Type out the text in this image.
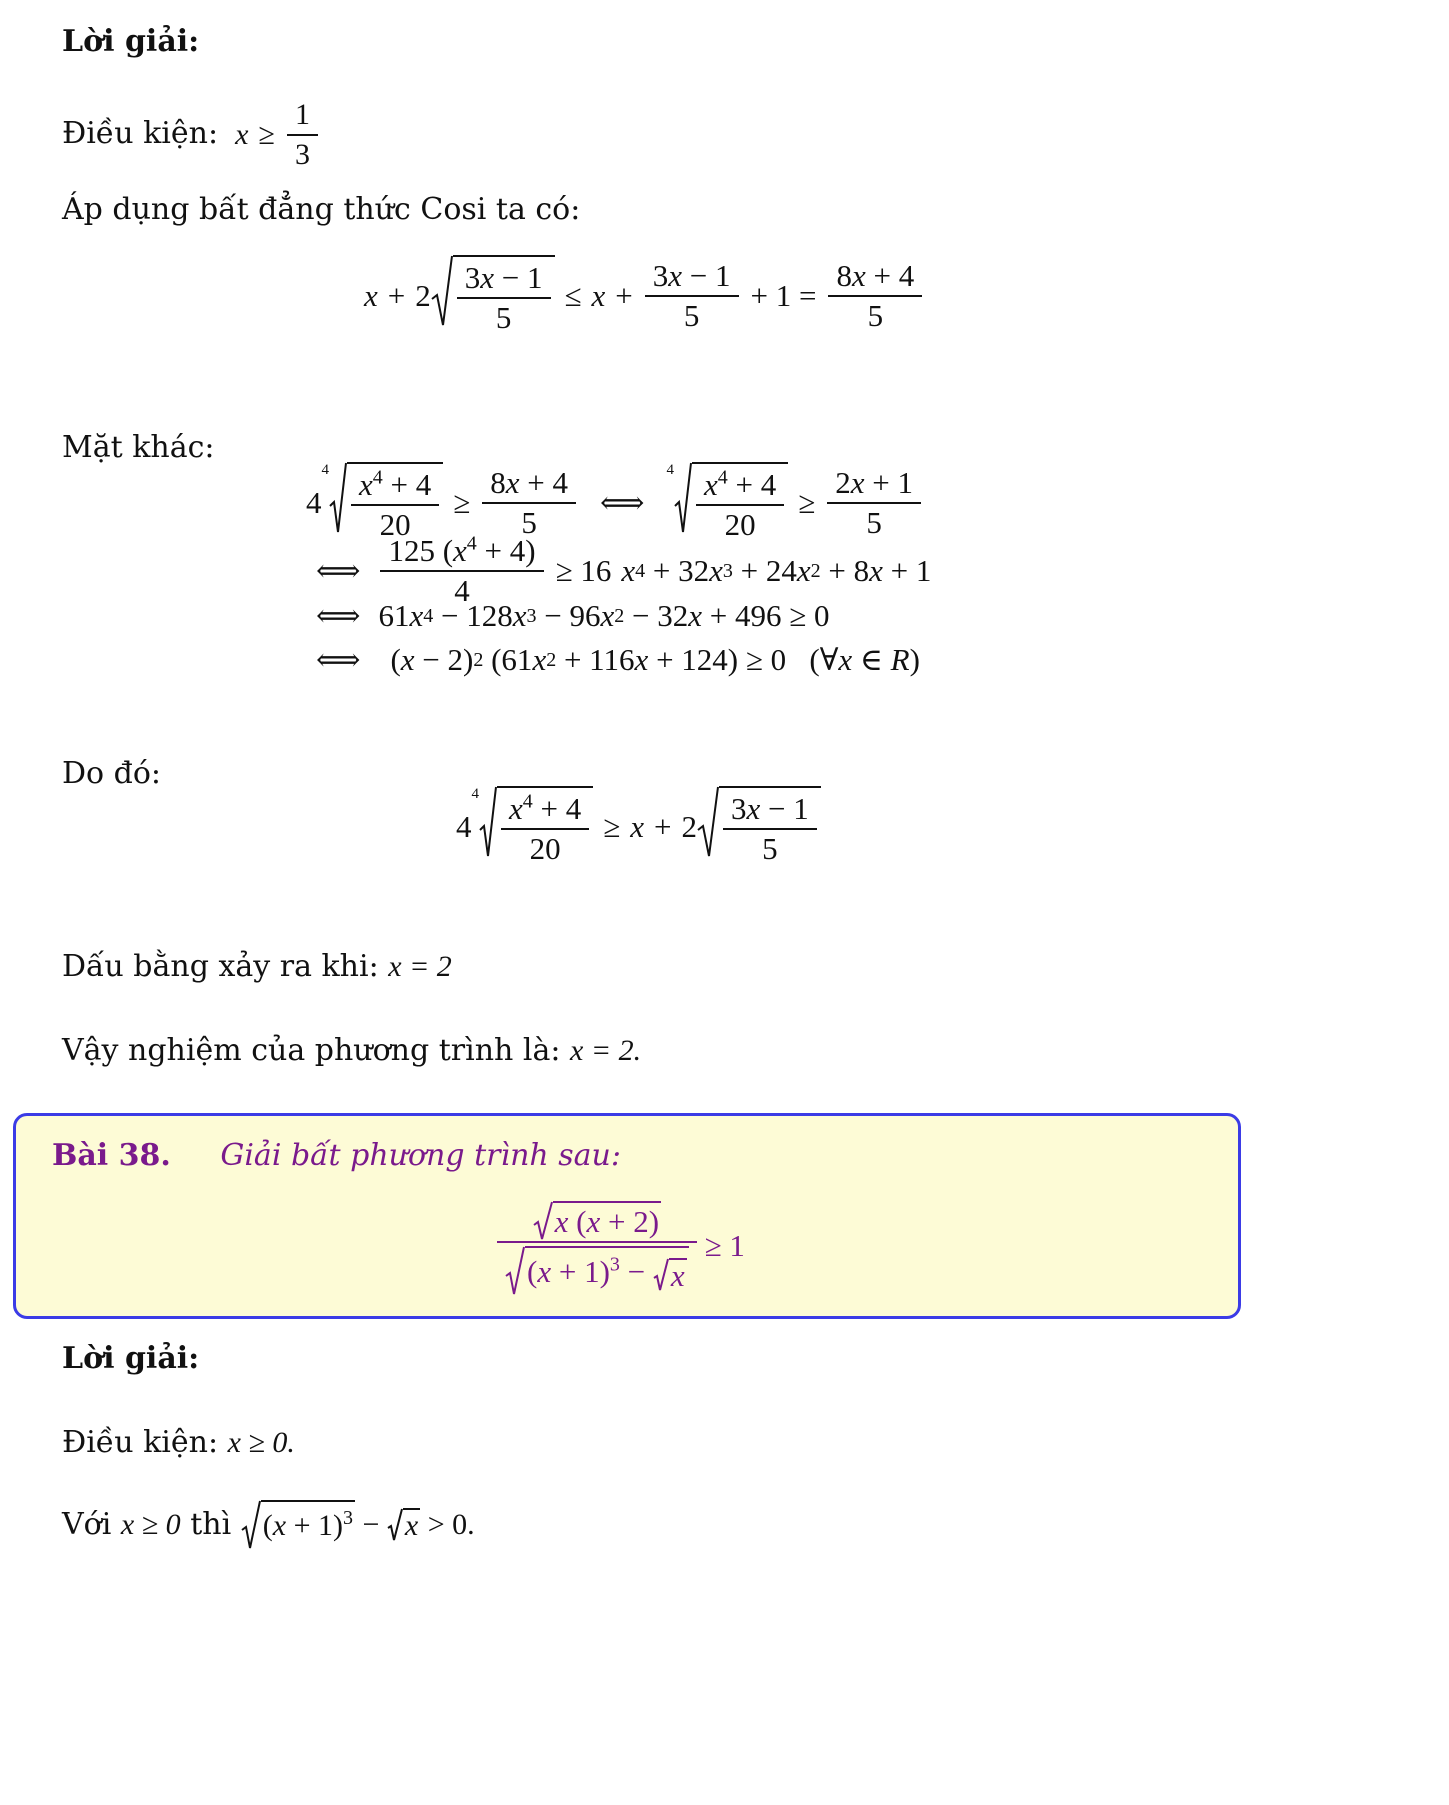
Lời giải:
Điều kiện:  $x \ge \frac{1}{3}$
Áp dụng bất đẳng thức Cosi ta có:
$x + 2 \frac{3x - 1}{5} \le x + \frac{3x - 1}{5} + 1 = \frac{8x + 4}{5}$
Mặt khác:
4
$4 \frac{x^4 + 4}{20} \ge \frac{8x + 4}{5}$ ⟺
$4 \frac{x^4 + 4}{20} \ge \frac{2x + 1}{5}$
⟺ $\frac{125 (x^4 + 4)}{4} \ge 16$ x 4 + 32 x 3 + 24 x 2 + 8 x + 1
⟺ 61 x 4 − 128 x 3 − 96 x 2 − 32 x + 496 ≥ 0
⟺ ( x − 2) 2 (61 x 2 + 116 x + 124) ≥ 0   (∀ x ∈ R )
Do đó:
4
$4 \frac{x^4 + 4}{20} \ge x + 2 \frac{3x - 1}{5}$
Dấu bằng xảy ra khi: x = 2
Vậy nghiệm của phương trình là: x = 2.
Bài 38. Giải bất phương trình sau:
$\frac{x (x + 2)}{(x + 1)^3 - x} \ge 1$
Lời giải:
Điều kiện: x ≥ 0.
Với
x ≥ 0
thì
$(x + 1)^3 - x$
> 0.
